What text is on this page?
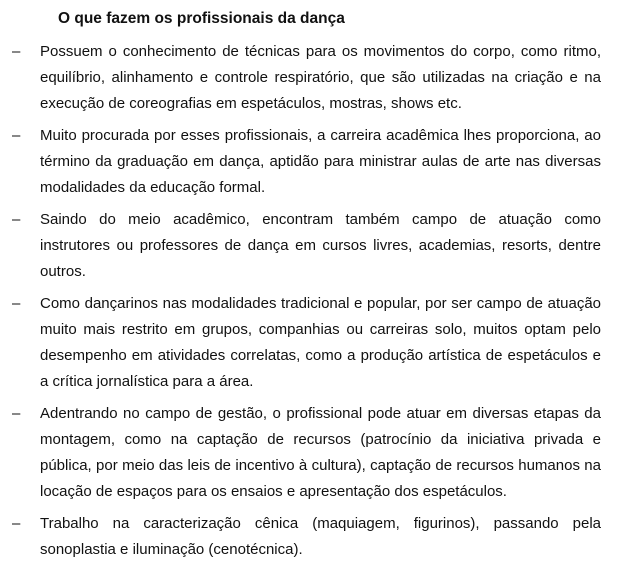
O que fazem os profissionais da dança
– Possuem o conhecimento de técnicas para os movimentos do corpo, como ritmo, equilíbrio, alinhamento e controle respiratório, que são utilizadas na criação e na execução de coreografias em espetáculos, mostras, shows etc.
– Muito procurada por esses profissionais, a carreira acadêmica lhes proporciona, ao término da graduação em dança, aptidão para ministrar aulas de arte nas diversas modalidades da educação formal.
– Saindo do meio acadêmico, encontram também campo de atuação como instrutores ou professores de dança em cursos livres, academias, resorts, dentre outros.
– Como dançarinos nas modalidades tradicional e popular, por ser campo de atuação muito mais restrito em grupos, companhias ou carreiras solo, muitos optam pelo desempenho em atividades correlatas, como a produção artística de espetáculos e a crítica jornalística para a área.
– Adentrando no campo de gestão, o profissional pode atuar em diversas etapas da montagem, como na captação de recursos (patrocínio da iniciativa privada e pública, por meio das leis de incentivo à cultura), captação de recursos humanos na locação de espaços para os ensaios e apresentação dos espetáculos.
– Trabalho na caracterização cênica (maquiagem, figurinos), passando pela sonoplastia e iluminação (cenotécnica).
